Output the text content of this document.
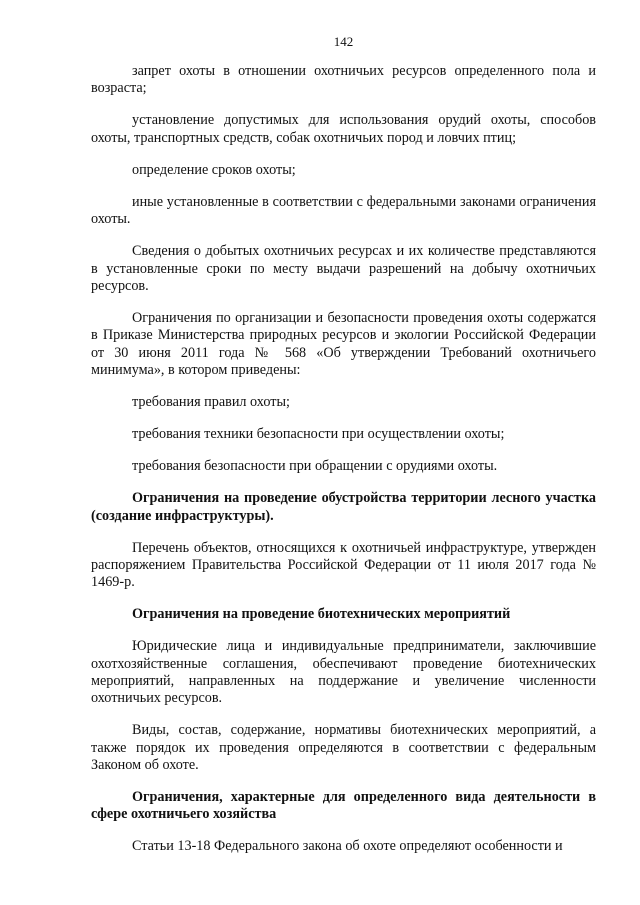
142

запрет охоты в отношении охотничьих ресурсов определенного пола и возраста;

установление допустимых для использования орудий охоты, способов охоты, транспортных средств, собак охотничьих пород и ловчих птиц;

определение сроков охоты;

иные установленные в соответствии с федеральными законами ограничения охоты.

Сведения о добытых охотничьих ресурсах и их количестве представляются в установленные сроки по месту выдачи разрешений на добычу охотничьих ресурсов.

Ограничения по организации и безопасности проведения охоты содержатся в Приказе Министерства природных ресурсов и экологии Российской Федерации от 30 июня 2011 года № 568 «Об утверждении Требований охотничьего минимума», в котором приведены:

требования правил охоты;

требования техники безопасности при осуществлении охоты;

требования безопасности при обращении с орудиями охоты.

Ограничения на проведение обустройства территории лесного участка (создание инфраструктуры).

Перечень объектов, относящихся к охотничьей инфраструктуре, утвержден распоряжением Правительства Российской Федерации от 11 июля 2017 года № 1469-р.

Ограничения на проведение биотехнических мероприятий

Юридические лица и индивидуальные предприниматели, заключившие охотхозяйственные соглашения, обеспечивают проведение биотехнических мероприятий, направленных на поддержание и увеличение численности охотничьих ресурсов.

Виды, состав, содержание, нормативы биотехнических мероприятий, а также порядок их проведения определяются в соответствии с федеральным Законом об охоте.

Ограничения, характерные для определенного вида деятельности в сфере охотничьего хозяйства

Статьи 13-18 Федерального закона об охоте определяют особенности и
